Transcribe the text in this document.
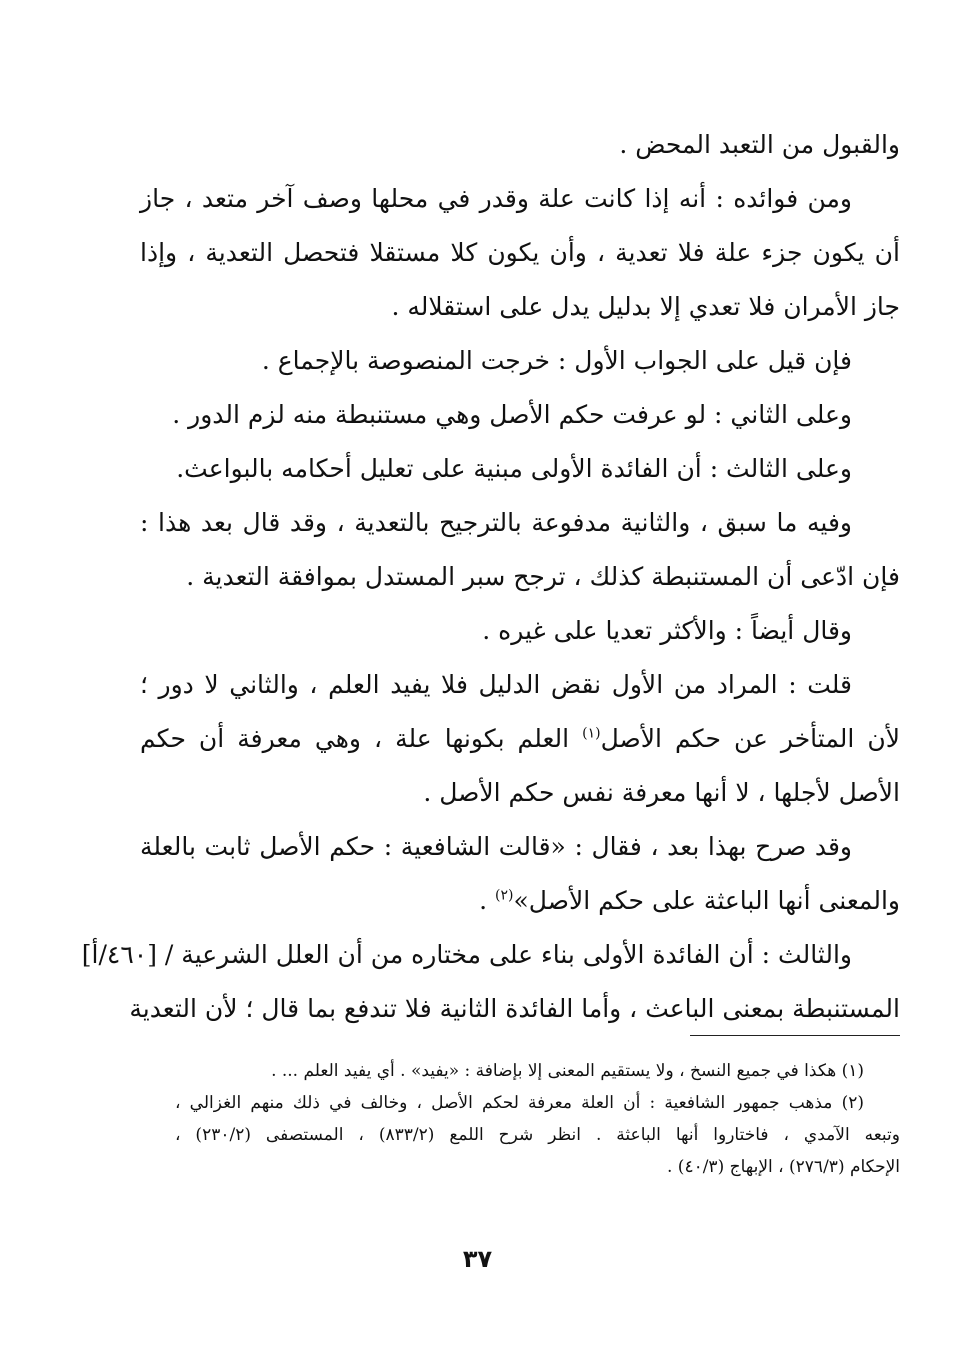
والقبول من التعبد المحض .
ومن فوائده : أنه إذا كانت علة وقدر في محلها وصف آخر متعد ، جاز
أن يكون جزء علة فلا تعدية ، وأن يكون كلا مستقلا فتحصل التعدية ، وإذا
جاز الأمران فلا تعدي إلا بدليل يدل على استقلاله .
فإن قيل على الجواب الأول : خرجت المنصوصة بالإجماع .
وعلى الثاني : لو عرفت حكم الأصل وهي مستنبطة منه لزم الدور .
وعلى الثالث : أن الفائدة الأولى مبنية على تعليل أحكامه بالبواعث.
وفيه ما سبق ، والثانية مدفوعة بالترجيح بالتعدية ، وقد قال بعد هذا :
فإن ادّعى أن المستنبطة كذلك ، ترجح سبر المستدل بموافقة التعدية .
وقال أيضاً : والأكثر تعديا على غيره .
قلت : المراد من الأول نقض الدليل فلا يفيد العلم ، والثاني لا دور ؛
لأن المتأخر عن حكم الأصل$^{(١)}$ العلم بكونها علة ، وهي معرفة أن حكم
الأصل لأجلها ، لا أنها معرفة نفس حكم الأصل .
وقد صرح بهذا بعد ، فقال : «قالت الشافعية : حكم الأصل ثابت بالعلة
والمعنى أنها الباعثة على حكم الأصل»$^{(٢)}$ .
والثالث : أن الفائدة الأولى بناء على مختاره من أن العلل الشرعية / [٤٦٠/أ]
المستنبطة بمعنى الباعث ، وأما الفائدة الثانية فلا تندفع بما قال ؛ لأن التعدية
(١) هكذا في جميع النسخ ، ولا يستقيم المعنى إلا بإضافة : «يفيد» . أي يفيد العلم ... .
(٢) مذهب جمهور الشافعية : أن العلة معرفة لحكم الأصل ، وخالف في ذلك منهم الغزالي ،
وتبعه الآمدي ، فاختاروا أنها الباعثة . انظر شرح اللمع (٨٣٣/٢) ، المستصفى (٢٣٠/٢) ،
الإحكام (٢٧٦/٣) ، الإبهاج (٤٠/٣) .
٣٧
